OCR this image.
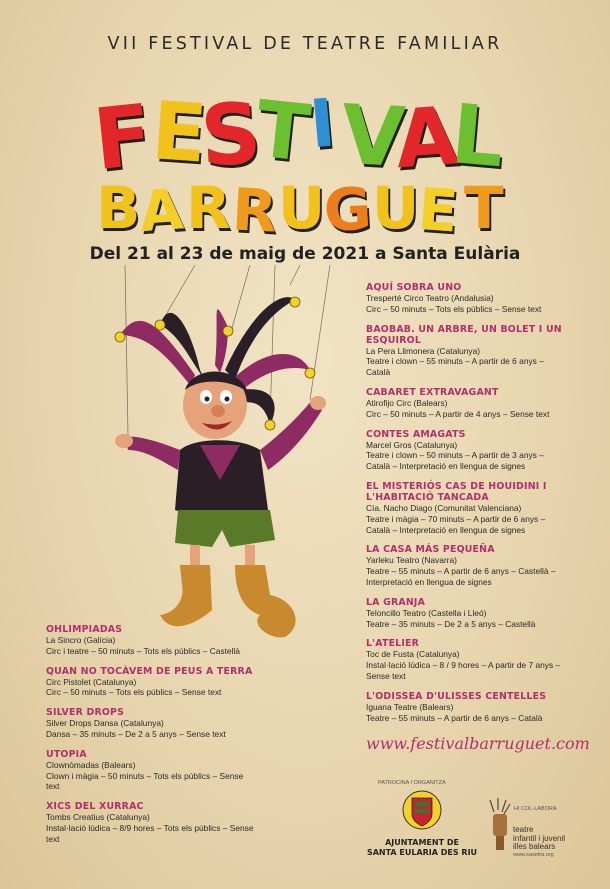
VII FESTIVAL DE TEATRE FAMILIAR
F
E
S
T
I V
A
L
B
A R R U
G
U
E T
Del 21 al 23 de maig de 2021 a Santa Eulària
AQUÍ SOBRA UNO
Tresperté Circo Teatro (Andalusia)
Circ – 50 minuts – Tots els públics – Sense text
BAOBAB. UN ARBRE, UN BOLET I UN ESQUIROL
La Pera Llimonera (Catalunya)
Teatre i clown – 55 minuts – A partir de 6 anys – Català
CABARET EXTRAVAGANT
Atirofijo Circ (Balears)
Circ – 50 minuts – A partir de 4 anys – Sense text
CONTES AMAGATS
Marcel Gros (Catalunya)
Teatre i clown – 50 minuts – A partir de 3 anys – Català – Interpretació en llengua de signes
EL MISTERIÓS CAS DE HOUIDINI I L'HABITACIÓ TANCADA
Cía. Nacho Diago (Comunitat Valenciana)
Teatre i màgia – 70 minuts – A partir de 6 anys – Català – Interpretació en llengua de signes
LA CASA MÁS PEQUEÑA
Yarleku Teatro (Navarra)
Teatre – 55 minuts – A partir de 6 anys – Castellà – Interpretació en llengua de signes
LA GRANJA
Teloncillo Teatro (Castella i Lleó)
Teatre – 35 minuts – De 2 a 5 anys – Castellà
L'ATELIER
Toc de Fusta (Catalunya)
Instal·lació lúdica – 8 / 9 hores – A partir de 7 anys – Sense text
L'ODISSEA D'ULISSES CENTELLES
Iguana Teatre (Balears)
Teatre – 55 minuts – A partir de 6 anys – Català
OHLIMPIADAS
La Sincro (Galícia)
Circ i teatre – 50 minuts – Tots els públics – Castellà
QUAN NO TOCÀVEM DE PEUS A TERRA
Circ Pistolet (Catalunya)
Circ – 50 minuts – Tots els públics – Sense text
SILVER DROPS
Silver Drops Dansa (Catalunya)
Dansa – 35 minuts – De 2 a 5 anys – Sense text
UTOPIA
Clownòmadas (Balears)
Clown i màgia – 50 minuts – Tots els públics – Sense text
XICS DEL XURRAC
Tombs Creatius (Catalunya)
Instal·lació lúdica – 8/9 hores – Tots els públics – Sense text
www.festivalbarruguet.com
PATROCINA I ORGANITZA
AJUNTAMENT DE
SANTA EULARIA DES RIU
HI COL·LABORA
teatre
infantil i juvenil
illes balears
www.sasetra.org
